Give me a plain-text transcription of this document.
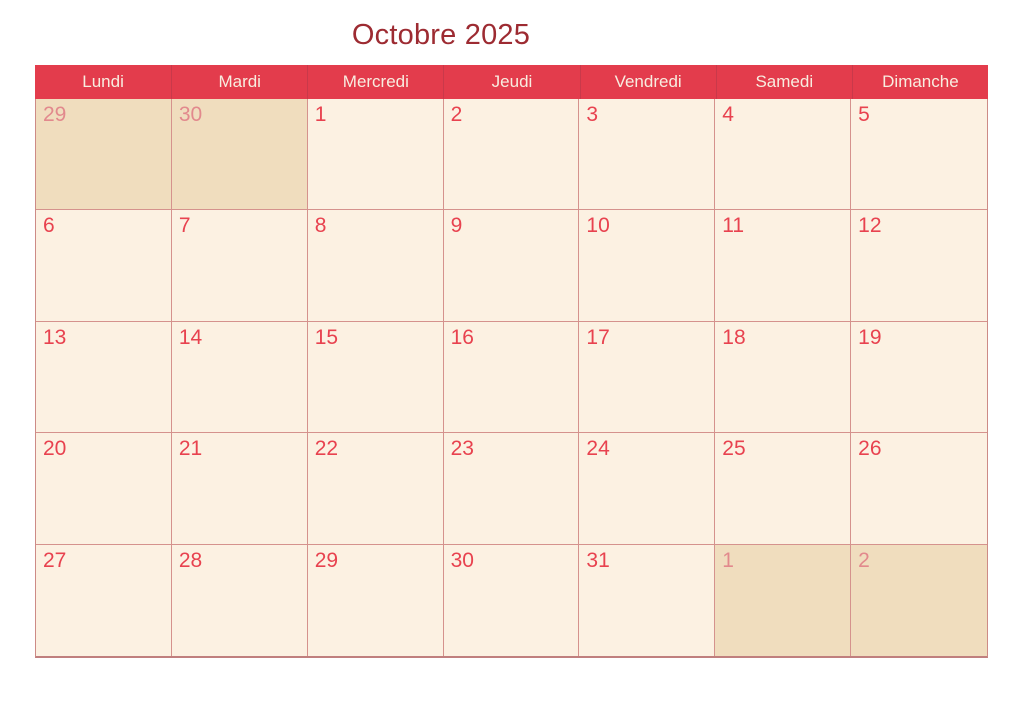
Octobre 2025
Lundi	Mardi	Mercredi	Jeudi	Vendredi	Samedi	Dimanche
29	30	1	2	3	4	5
6	7	8	9	10	11	12
13	14	15	16	17	18	19
20	21	22	23	24	25	26
27	28	29	30	31	1	2
